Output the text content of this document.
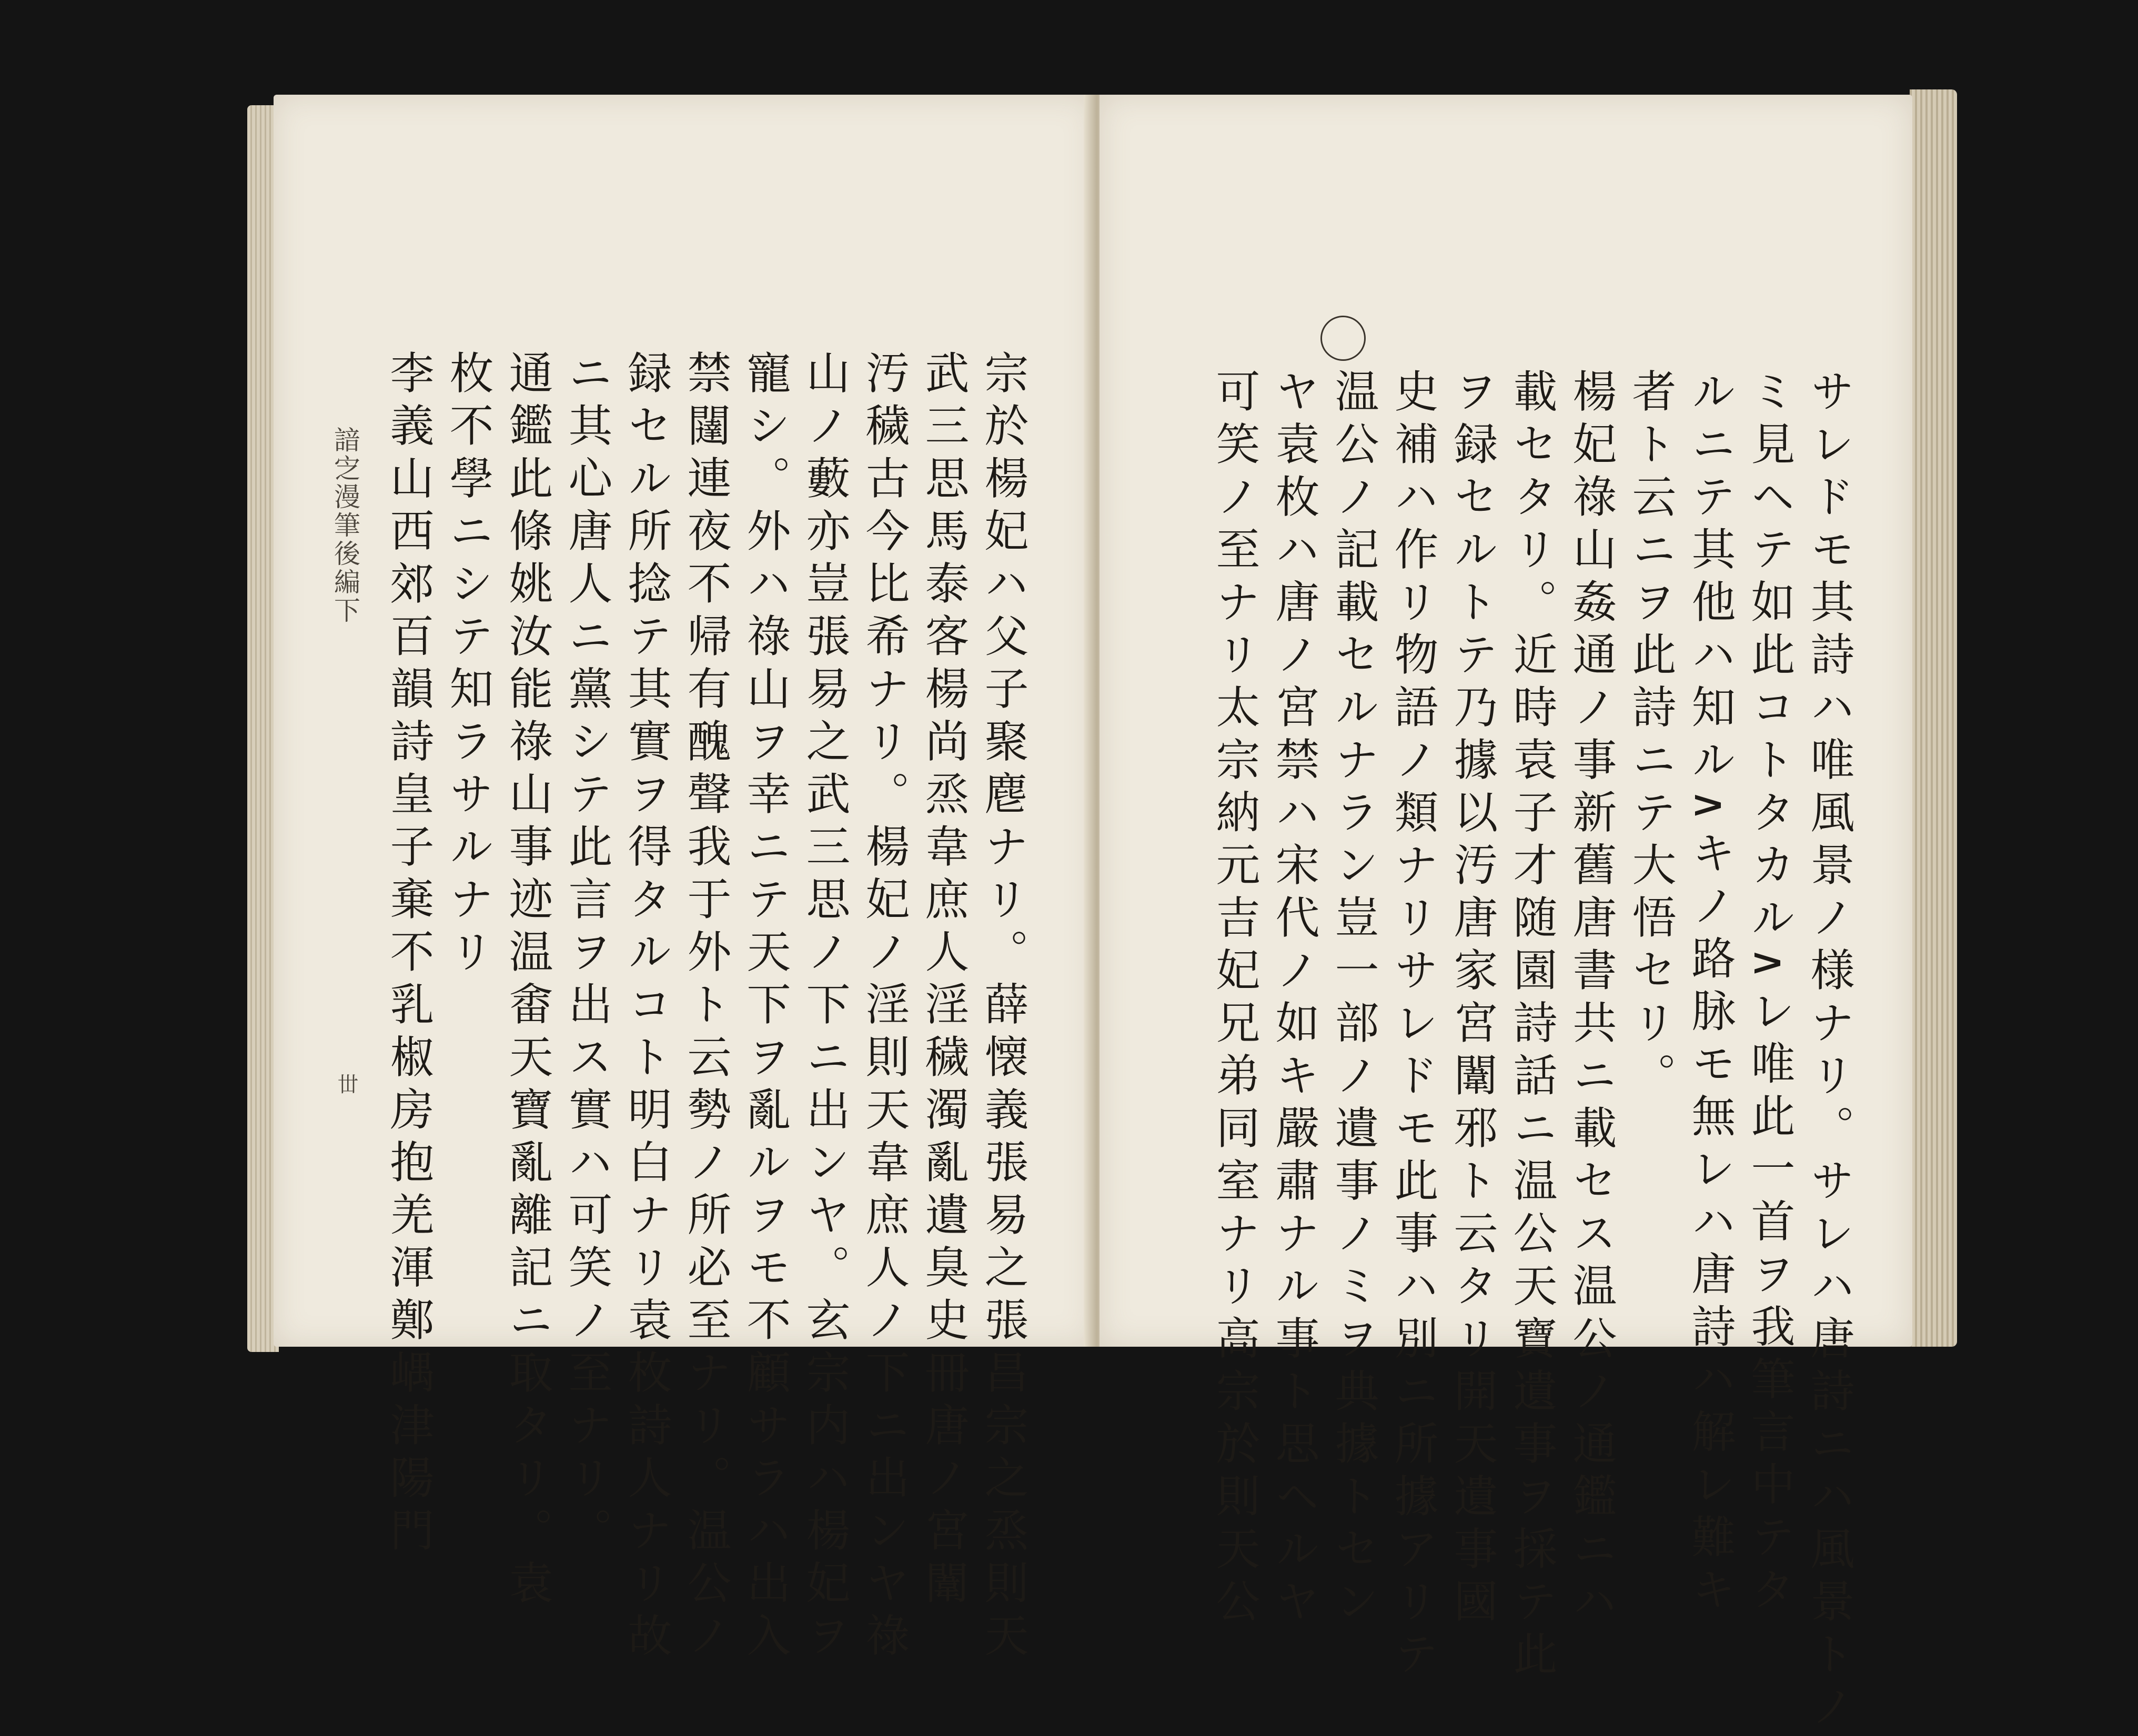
諳㝎漫筆後編下
丗 李義山西郊百韻詩皇子棄不乳椒房抱羌渾鄭嵎津陽門 枚不學ニシテ知ラサルナリ 通鑑此條姚汝能祿山事迹温畬天寶亂離記ニ取タリ。袁 ニ其心唐人ニ黨シテ此言ヲ出ス實ハ可笑ノ至ナリ。 録セル所捻テ其實ヲ得タルコト明白ナリ袁枚詩人ナリ故 禁闥連夜不帰有醜聲我于外ト云勢ノ所必至ナリ。温公ノ 寵シ。外ハ祿山ヲ幸ニテ天下ヲ亂ルヲモ不顧サラハ出入 山ノ藪亦豈張易之武三思ノ下ニ出ンヤ。玄宗内ハ楊妃ヲ 汚穢古今比希ナリ。楊妃ノ淫則天韋庶人ノ下ニ出ンヤ祿 武三思馬泰客楊尚烝韋庶人淫穢濁亂遺臭史冊唐ノ宮闈 宗於楊妃ハ父子聚麀ナリ。薛懐義張易之張昌宗之烝則天	可笑ノ至ナリ太宗納元吉妃兄弟同室ナリ高宗於則天公 ヤ袁枚ハ唐ノ宮禁ハ宋代ノ如キ嚴肅ナル事ト思ヘルヤ 温公ノ記載セルナラン豈一部ノ遺事ノミヲ典據トセン 史補ハ作リ物語ノ類ナリサレドモ此事ハ別ニ所據アリテ ヲ録セルトテ乃據以汚唐家宮闈邪ト云タリ開天遺事國 載セタリ。近時袁子才随園詩話ニ温公天寶遺事ヲ採テ此 楊妃祿山姦通ノ事新舊唐書共ニ載セス温公ノ通鑑ニハ 者ト云ニヲ此詩ニテ大悟セリ。 ルニテ其他ハ知ル∧キノ路脉モ無レハ唐詩ハ解レ難キ ミ見ヘテ如此コトタカル∧レ唯此一首ヲ我筆言中テタ サレドモ其詩ハ唯風景ノ様ナリ。サレハ唐詩ニハ風景トノ
